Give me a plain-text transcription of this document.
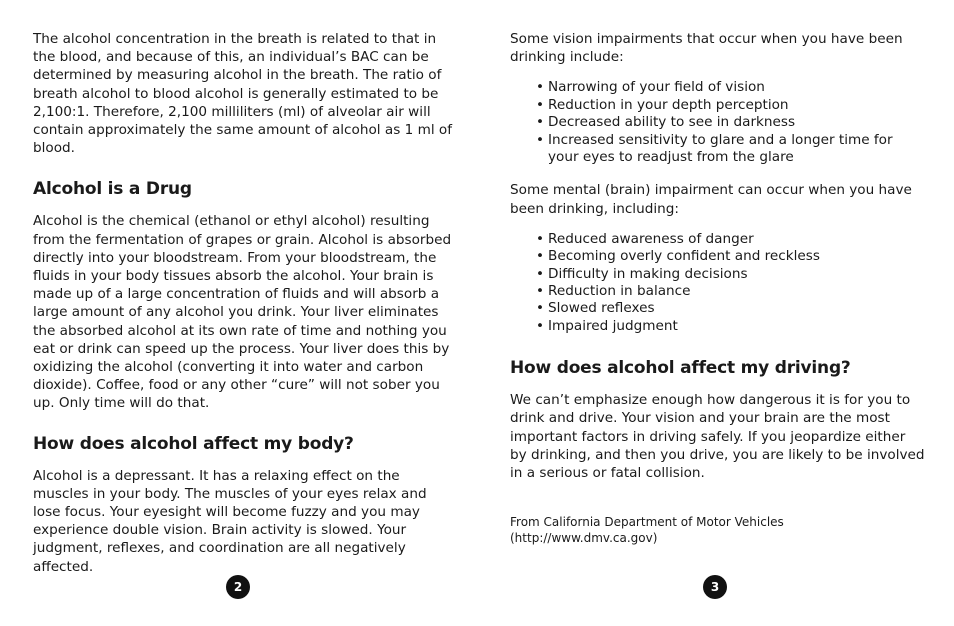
The alcohol concentration in the breath is related to that in the blood, and because of this, an individual’s BAC can be determined by measuring alcohol in the breath. The ratio of breath alcohol to blood alcohol is generally estimated to be 2,100:1. Therefore, 2,100 milliliters (ml) of alveolar air will contain approximately the same amount of alcohol as 1 ml of blood.

Alcohol is a Drug

Alcohol is the chemical (ethanol or ethyl alcohol) resulting from the fermentation of grapes or grain. Alcohol is absorbed directly into your bloodstream. From your bloodstream, the fluids in your body tissues absorb the alcohol. Your brain is made up of a large concentration of fluids and will absorb a large amount of any alcohol you drink. Your liver eliminates the absorbed alcohol at its own rate of time and nothing you eat or drink can speed up the process. Your liver does this by oxidizing the alcohol (converting it into water and carbon dioxide). Coffee, food or any other “cure” will not sober you up. Only time will do that.

How does alcohol affect my body?

Alcohol is a depressant. It has a relaxing effect on the muscles in your body. The muscles of your eyes relax and lose focus. Your eyesight will become fuzzy and you may experience double vision. Brain activity is slowed. Your judgment, reflexes, and coordination are all negatively affected.

Some vision impairments that occur when you have been drinking include:

• Narrowing of your field of vision
• Reduction in your depth perception
• Decreased ability to see in darkness
• Increased sensitivity to glare and a longer time for your eyes to readjust from the glare

Some mental (brain) impairment can occur when you have been drinking, including:

• Reduced awareness of danger
• Becoming overly confident and reckless
• Difficulty in making decisions
• Reduction in balance
• Slowed reflexes
• Impaired judgment
How does alcohol affect my driving?

We can’t emphasize enough how dangerous it is for you to drink and drive. Your vision and your brain are the most important factors in driving safely. If you jeopardize either by drinking, and then you drive, you are likely to be involved in a serious or fatal collision.

From California Department of Motor Vehicles (http://www.dmv.ca.gov)

2	3
